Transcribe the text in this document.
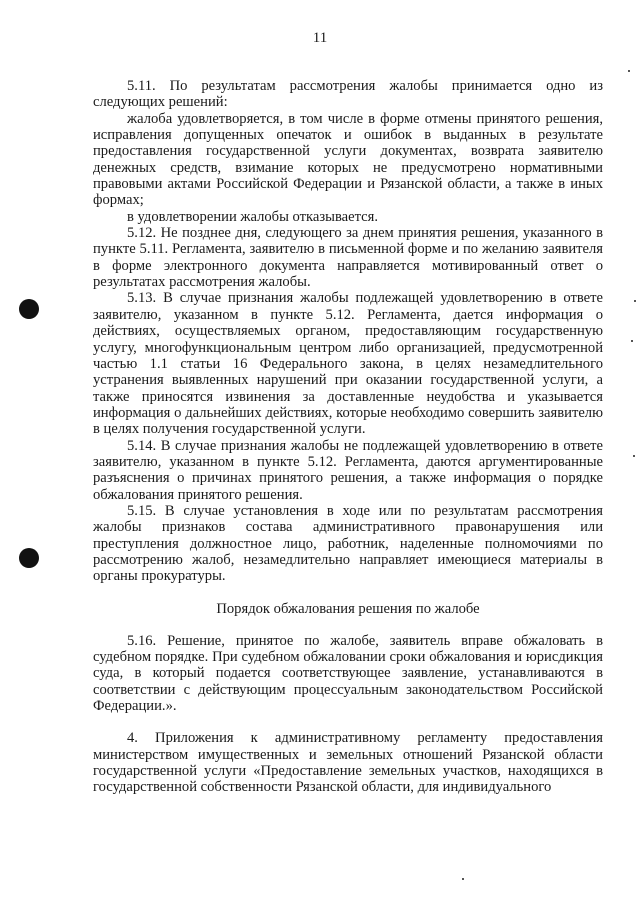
11

5.11. По результатам рассмотрения жалобы принимается одно из следующих решений:

жалоба удовлетворяется, в том числе в форме отмены принятого решения, исправления допущенных опечаток и ошибок в выданных в результате предоставления государственной услуги документах, возврата заявителю денежных средств, взимание которых не предусмотрено нормативными правовыми актами Российской Федерации и Рязанской области, а также в иных формах;

в удовлетворении жалобы отказывается.

5.12. Не позднее дня, следующего за днем принятия решения, указанного в пункте 5.11. Регламента, заявителю в письменной форме и по желанию заявителя в форме электронного документа направляется мотивированный ответ о результатах рассмотрения жалобы.

5.13. В случае признания жалобы подлежащей удовлетворению в ответе заявителю, указанном в пункте 5.12. Регламента, дается информация о действиях, осуществляемых органом, предоставляющим государственную услугу, многофункциональным центром либо организацией, предусмотренной частью 1.1 статьи 16 Федерального закона, в целях незамедлительного устранения выявленных нарушений при оказании государственной услуги, а также приносятся извинения за доставленные неудобства и указывается информация о дальнейших действиях, которые необходимо совершить заявителю в целях получения государственной услуги.

5.14. В случае признания жалобы не подлежащей удовлетворению в ответе заявителю, указанном в пункте 5.12. Регламента, даются аргументированные разъяснения о причинах принятого решения, а также информация о порядке обжалования принятого решения.

5.15. В случае установления в ходе или по результатам рассмотрения жалобы признаков состава административного правонарушения или преступления должностное лицо, работник, наделенные полномочиями по рассмотрению жалоб, незамедлительно направляет имеющиеся материалы в органы прокуратуры.

Порядок обжалования решения по жалобе

5.16. Решение, принятое по жалобе, заявитель вправе обжаловать в судебном порядке. При судебном обжаловании сроки обжалования и юрисдикция суда, в который подается соответствующее заявление, устанавливаются в соответствии с действующим процессуальным законодательством Российской Федерации.».

4. Приложения к административному регламенту предоставления министерством имущественных и земельных отношений Рязанской области государственной услуги «Предоставление земельных участков, находящихся в государственной собственности Рязанской области, для индивидуального
